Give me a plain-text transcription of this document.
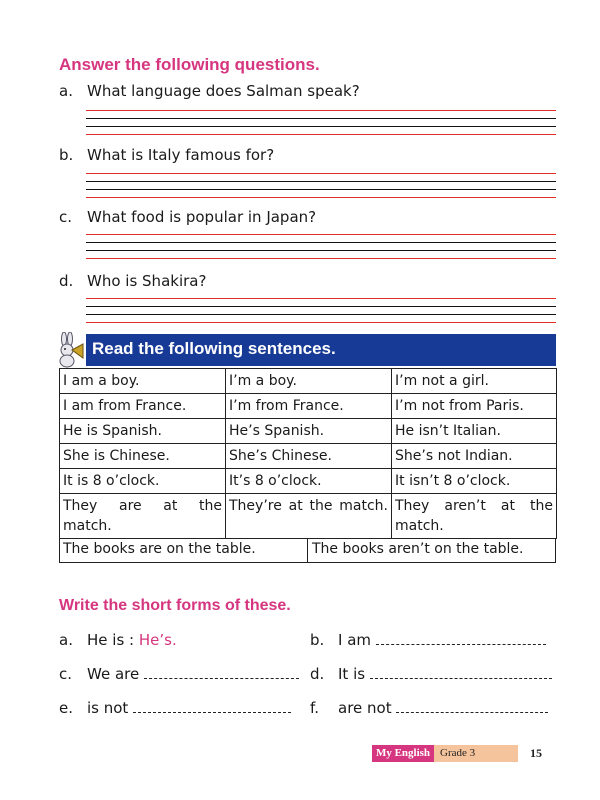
Answer the following questions.
a. What language does Salman speak?
b. What is Italy famous for?
c. What food is popular in Japan?
d. Who is Shakira?
Read the following sentences.
I am a boy.	I’m a boy.	I’m not a girl.
I am from France.	I’m from France.	I’m not from Paris.
He is Spanish.	He’s Spanish.	He isn’t Italian.
She is Chinese.	She’s Chinese.	She’s not Indian.
It is 8 o’clock.	It’s 8 o’clock.	It isn’t 8 o’clock.
They are at the match.	They’re at the match.	They aren’t at the match.
The books are on the table.	The books aren’t on the table.
Write the short forms of these.
a. He is : He’s.	b. I am
c. We are	d. It is
e. is not	f. are not
My English Grade 3	15
